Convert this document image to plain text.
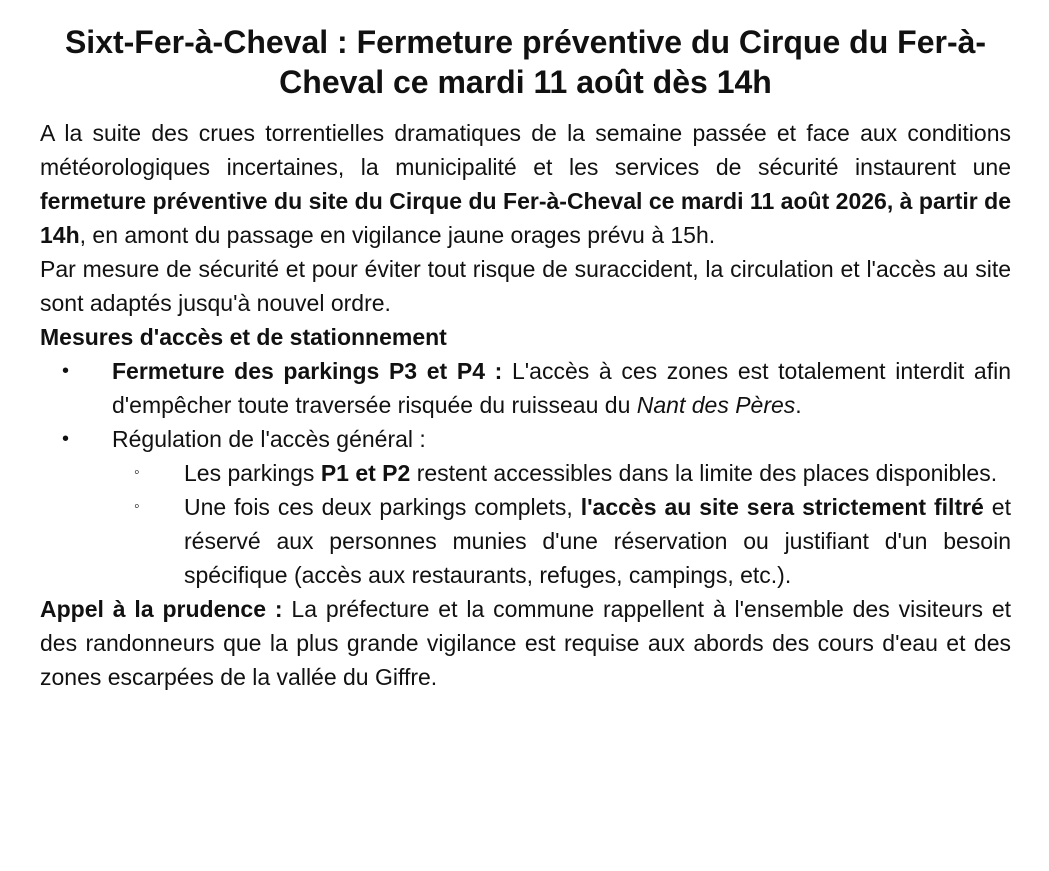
Sixt-Fer-à-Cheval : Fermeture préventive du Cirque du Fer-à-Cheval ce mardi 11 août dès 14h

A la suite des crues torrentielles dramatiques de la semaine passée et face aux conditions météorologiques incertaines, la municipalité et les services de sécurité instaurent une fermeture préventive du site du Cirque du Fer-à-Cheval ce mardi 11 août 2026, à partir de 14h, en amont du passage en vigilance jaune orages prévu à 15h.

Par mesure de sécurité et pour éviter tout risque de suraccident, la circulation et l'accès au site sont adaptés jusqu'à nouvel ordre.

Mesures d'accès et de stationnement

• Fermeture des parkings P3 et P4 : L'accès à ces zones est totalement interdit afin d'empêcher toute traversée risquée du ruisseau du Nant des Pères.
• Régulation de l'accès général :
◦ Les parkings P1 et P2 restent accessibles dans la limite des places disponibles.
◦ Une fois ces deux parkings complets, l'accès au site sera strictement filtré et réservé aux personnes munies d'une réservation ou justifiant d'un besoin spécifique (accès aux restaurants, refuges, campings, etc.).

Appel à la prudence : La préfecture et la commune rappellent à l'ensemble des visiteurs et des randonneurs que la plus grande vigilance est requise aux abords des cours d'eau et des zones escarpées de la vallée du Giffre.
